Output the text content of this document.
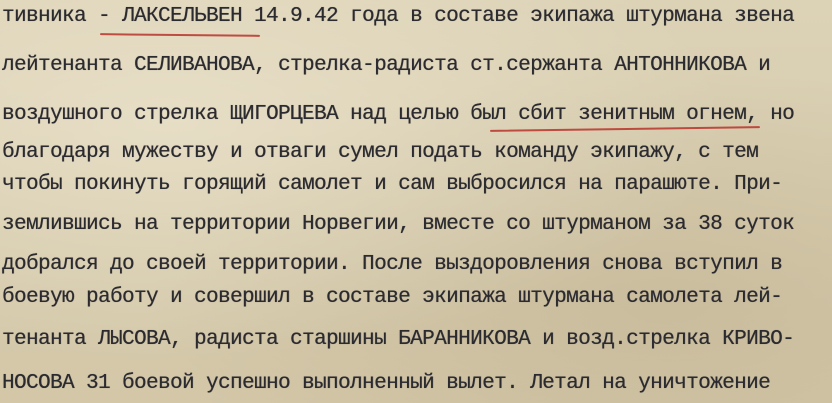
тивника - ЛАКСЕЛЬВЕН 14.9.42 года в составе экипажа штурмана звена
лейтенанта СЕЛИВАНОВА, стрелка-радиста ст.сержанта АНТОННИКОВА и
воздушного стрелка ЩИГОРЦЕВА над целью был сбит зенитным огнем, но
благодаря мужеству и отваги сумел подать команду экипажу, с тем
чтобы покинуть горящий самолет и сам выбросился на парашюте. При-
землившись на территории Норвегии, вместе со штурманом за 38 суток
добрался до своей территории. После выздоровления снова вступил в
боевую работу и совершил в составе экипажа штурмана самолета лей-
тенанта ЛЫСОВА, радиста старшины БАРАННИКОВА и возд.стрелка КРИВО-
НОСОВА 31 боевой успешно выполненный вылет. Летал на уничтожение
